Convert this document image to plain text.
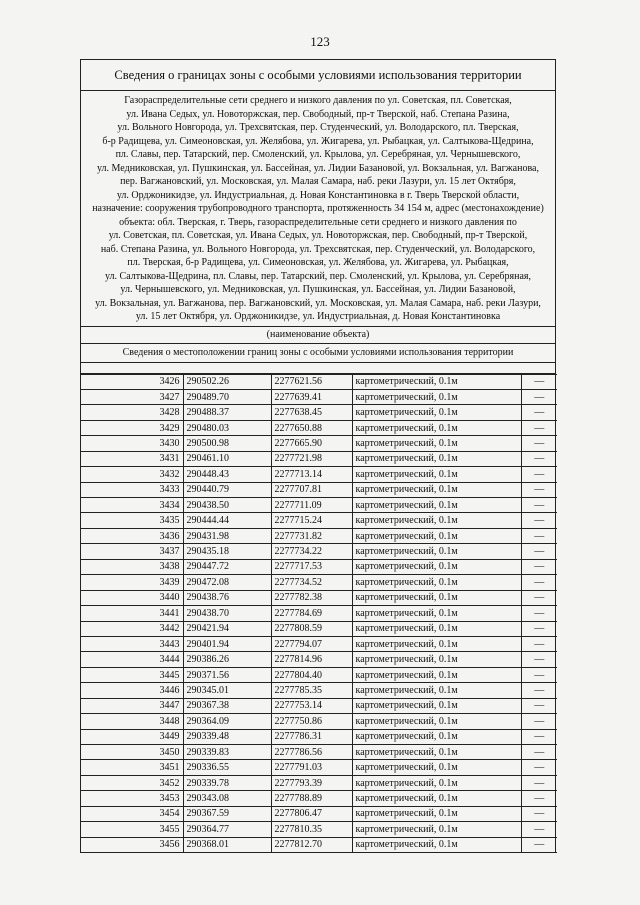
123
Сведения о границах зоны с особыми условиями использования территории
Газораспределительные сети среднего и низкого давления по ул. Советская, пл. Советская,
ул. Ивана Седых, ул. Новоторжская, пер. Свободный, пр-т Тверской, наб. Степана Разина,
ул. Вольного Новгорода, ул. Трехсвятская, пер. Студенческий, ул. Володарского, пл. Тверская,
б-р Радищева, ул. Симеоновская, ул. Желябова, ул. Жигарева, ул. Рыбацкая, ул. Салтыкова-Щедрина,
пл. Славы, пер. Татарский, пер. Смоленский, ул. Крылова, ул. Серебряная, ул. Чернышевского,
ул. Медниковская, ул. Пушкинская, ул. Бассейная, ул. Лидии Базановой, ул. Вокзальная, ул. Вагжанова,
пер. Вагжановский, ул. Московская, ул. Малая Самара, наб. реки Лазури, ул. 15 лет Октября,
ул. Орджоникидзе, ул. Индустриальная, д. Новая Константиновка в г. Тверь Тверской области,
назначение: сооружения трубопроводного транспорта, протяженность 34 154 м, адрес (местонахождение)
объекта: обл. Тверская, г. Тверь, газораспределительные сети среднего и низкого давления по
ул. Советская, пл. Советская, ул. Ивана Седых, ул. Новоторжская, пер. Свободный, пр-т Тверской,
наб. Степана Разина, ул. Вольного Новгорода, ул. Трехсвятская, пер. Студенческий, ул. Володарского,
пл. Тверская, б-р Радищева, ул. Симеоновская, ул. Желябова, ул. Жигарева, ул. Рыбацкая,
ул. Салтыкова-Щедрина, пл. Славы, пер. Татарский, пер. Смоленский, ул. Крылова, ул. Серебряная,
ул. Чернышевского, ул. Медниковская, ул. Пушкинская, ул. Бассейная, ул. Лидии Базановой,
ул. Вокзальная, ул. Вагжанова, пер. Вагжановский, ул. Московская, ул. Малая Самара, наб. реки Лазури,
ул. 15 лет Октября, ул. Орджоникидзе, ул. Индустриальная, д. Новая Константиновка
(наименование объекта)
Сведения о местоположении границ зоны с особыми условиями использования территории
3426	290502.26	2277621.56	картометрический, 0.1м	—
3427	290489.70	2277639.41	картометрический, 0.1м	—
3428	290488.37	2277638.45	картометрический, 0.1м	—
3429	290480.03	2277650.88	картометрический, 0.1м	—
3430	290500.98	2277665.90	картометрический, 0.1м	—
3431	290461.10	2277721.98	картометрический, 0.1м	—
3432	290448.43	2277713.14	картометрический, 0.1м	—
3433	290440.79	2277707.81	картометрический, 0.1м	—
3434	290438.50	2277711.09	картометрический, 0.1м	—
3435	290444.44	2277715.24	картометрический, 0.1м	—
3436	290431.98	2277731.82	картометрический, 0.1м	—
3437	290435.18	2277734.22	картометрический, 0.1м	—
3438	290447.72	2277717.53	картометрический, 0.1м	—
3439	290472.08	2277734.52	картометрический, 0.1м	—
3440	290438.76	2277782.38	картометрический, 0.1м	—
3441	290438.70	2277784.69	картометрический, 0.1м	—
3442	290421.94	2277808.59	картометрический, 0.1м	—
3443	290401.94	2277794.07	картометрический, 0.1м	—
3444	290386.26	2277814.96	картометрический, 0.1м	—
3445	290371.56	2277804.40	картометрический, 0.1м	—
3446	290345.01	2277785.35	картометрический, 0.1м	—
3447	290367.38	2277753.14	картометрический, 0.1м	—
3448	290364.09	2277750.86	картометрический, 0.1м	—
3449	290339.48	2277786.31	картометрический, 0.1м	—
3450	290339.83	2277786.56	картометрический, 0.1м	—
3451	290336.55	2277791.03	картометрический, 0.1м	—
3452	290339.78	2277793.39	картометрический, 0.1м	—
3453	290343.08	2277788.89	картометрический, 0.1м	—
3454	290367.59	2277806.47	картометрический, 0.1м	—
3455	290364.77	2277810.35	картометрический, 0.1м	—
3456	290368.01	2277812.70	картометрический, 0.1м	—
